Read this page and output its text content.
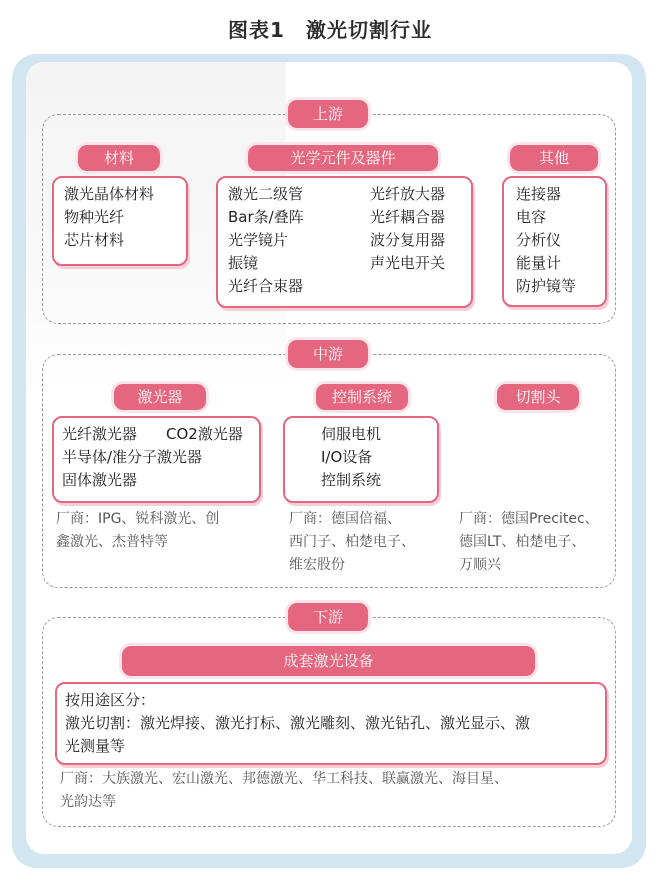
图表1　激光切割行业
上游
材料
激光晶体材料
物种光纤
芯片材料
光学元件及器件
激光二级管
Bar条/叠阵
光学镜片
振镜
光纤合束器
光纤放大器
光纤耦合器
波分复用器
声光电开关
其他
连接器
电容
分析仪
能量计
防护镜等
中游
激光器
光纤激光器 CO2激光器
半导体/准分子激光器
固体激光器
厂商：IPG、锐科激光、创
鑫激光、杰普特等
控制系统
伺服电机
I/O设备
控制系统
厂商：德国倍福、
西门子、柏楚电子、
维宏股份
切割头
厂商：德国Precitec、
德国LT、柏楚电子、
万顺兴
下游
成套激光设备
按用途区分：
激光切割：激光焊接、激光打标、激光雕刻、激光钻孔、激光显示、激
光测量等
厂商：大族激光、宏山激光、邦德激光、华工科技、联赢激光、海目星、
光韵达等
